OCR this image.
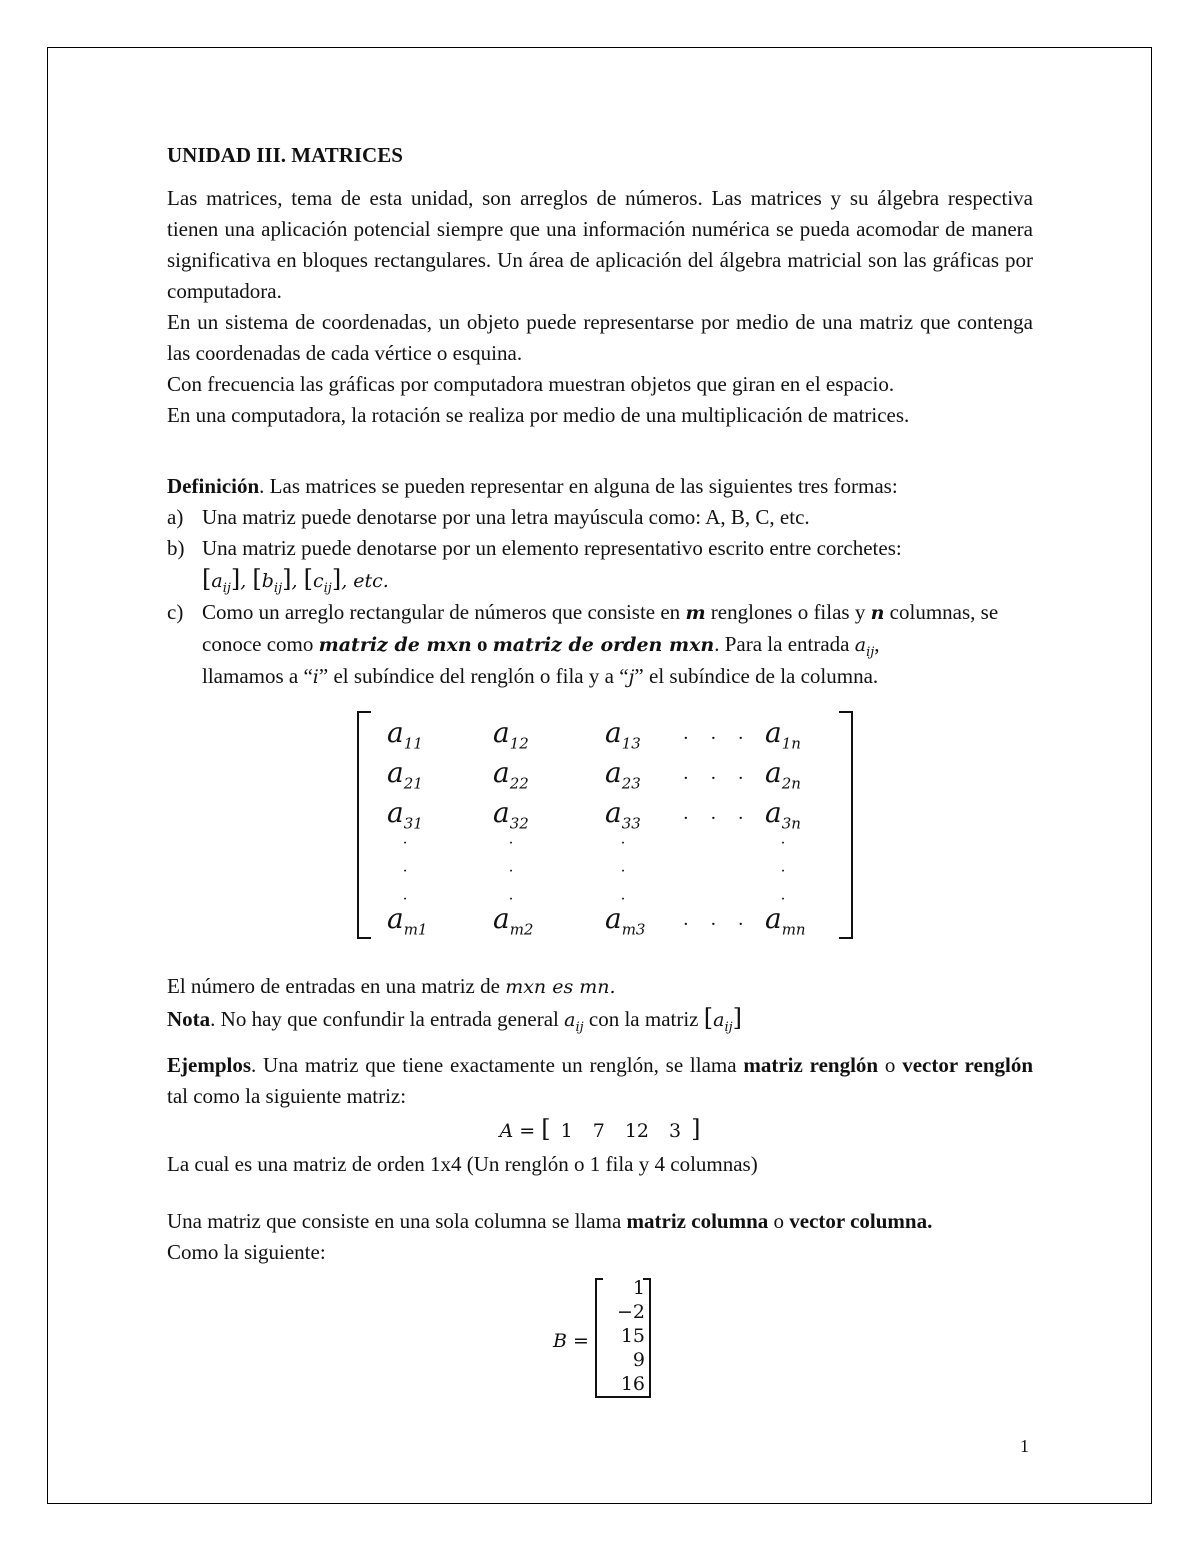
UNIDAD III. MATRICES

Las matrices, tema de esta unidad, son arreglos de números. Las matrices y su álgebra respectiva tienen una aplicación potencial siempre que una información numérica se pueda acomodar de manera significativa en bloques rectangulares. Un área de aplicación del álgebra matricial son las gráficas por computadora.

En un sistema de coordenadas, un objeto puede representarse por medio de una matriz que contenga las coordenadas de cada vértice o esquina.

Con frecuencia las gráficas por computadora muestran objetos que giran en el espacio.

En una computadora, la rotación se realiza por medio de una multiplicación de matrices.

Definición. Las matrices se pueden representar en alguna de las siguientes tres formas:

a) Una matriz puede denotarse por una letra mayúscula como: A, B, C, etc.
b) Una matriz puede denotarse por un elemento representativo escrito entre corchetes:
$[a_{ij}]$, $[b_{ij}]$, $[c_{ij}]$, etc.
c) Como un arreglo rectangular de números que consiste en m renglones o filas y n columnas, se conoce como matriz de mxn o matriz de orden mxn. Para la entrada $a_{ij}$,
llamamos a “i” el subíndice del renglón o fila y a “j” el subíndice de la columna.
$a_{11}$	$a_{12}$	$a_{13}$ · · · $a_{1n}$
$a_{21}$	$a_{22}$	$a_{23}$ · · · $a_{2n}$
$a_{31}$	$a_{32}$	$a_{33}$ · · · $a_{3n}$
·

·

·
·

·

·
·

·

·
·

·

·
$a_{m1}$ $a_{m2}$	$a_{m3}$ · · · $a_{mn}$

El número de entradas en una matriz de mxn es mn.

Nota. No hay que confundir la entrada general $a_{ij}$ con la matriz $[a_{ij}]$

Ejemplos. Una matriz que tiene exactamente un renglón, se llama matriz renglón o vector renglón tal como la siguiente matriz:

A = [ 1 7 12 3 ]

La cual es una matriz de orden 1x4 (Un renglón o 1 fila y 4 columnas)

Una matriz que consiste en una sola columna se llama matriz columna o vector columna.

Como la siguiente:

B =
1
−2
15
9
16
1
